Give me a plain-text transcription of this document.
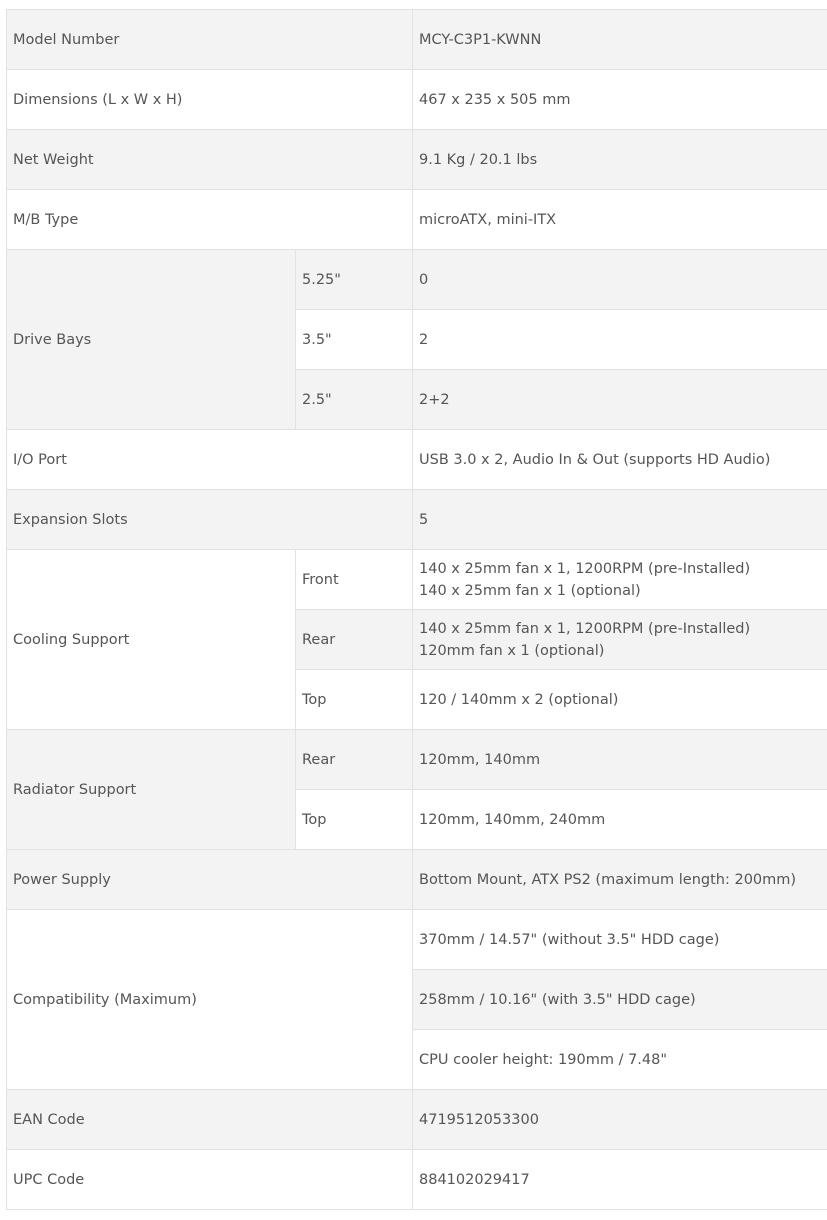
Model Number		MCY-C3P1-KWNN
Dimensions (L x W x H)		467 x 235 x 505 mm
Net Weight		9.1 Kg / 20.1 lbs
M/B Type		microATX, mini-ITX
Drive Bays	5.25"	0
	3.5"	2
	2.5"	2+2
I/O Port		USB 3.0 x 2, Audio In & Out (supports HD Audio)
Expansion Slots		5
Cooling Support	Front	140 x 25mm fan x 1, 1200RPM (pre-Installed)
140 x 25mm fan x 1 (optional)

	Rear	140 x 25mm fan x 1, 1200RPM (pre-Installed)
120mm fan x 1 (optional)

	Top	120 / 140mm x 2 (optional)

Radiator Support	Rear	120mm, 140mm
	Top	120mm, 140mm, 240mm
Power Supply		Bottom Mount, ATX PS2 (maximum length: 200mm)
Compatibility (Maximum)		370mm / 14.57" (without 3.5" HDD cage)
		258mm / 10.16" (with 3.5" HDD cage)
		CPU cooler height: 190mm / 7.48"
EAN Code		4719512053300
UPC Code		884102029417
